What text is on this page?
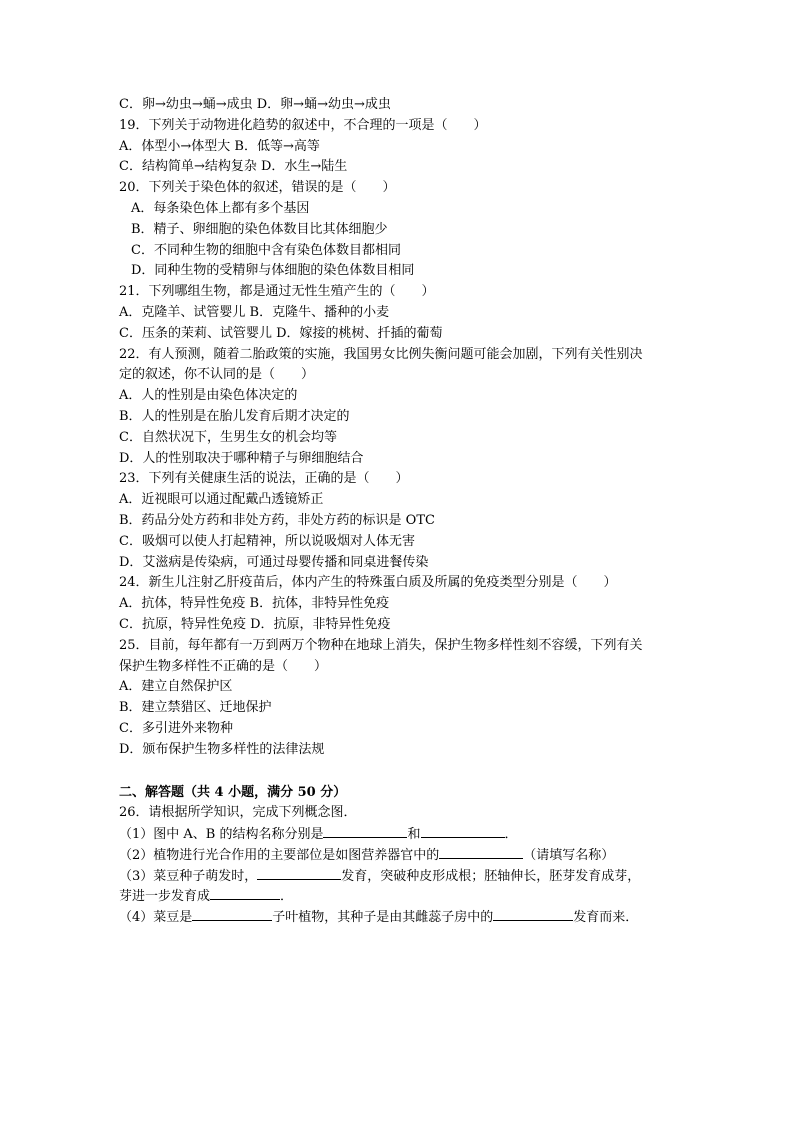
C．卵→幼虫→蛹→成虫 D．卵→蛹→幼虫→成虫
19．下列关于动物进化趋势的叙述中，不合理的一项是（　　）
A．体型小→体型大 B．低等→高等
C．结构简单→结构复杂 D．水生→陆生
20．下列关于染色体的叙述，错误的是（　　）
A．每条染色体上都有多个基因
B．精子、卵细胞的染色体数目比其体细胞少
C．不同种生物的细胞中含有染色体数目都相同
D．同种生物的受精卵与体细胞的染色体数目相同
21．下列哪组生物，都是通过无性生殖产生的（　　）
A．克隆羊、试管婴儿 B．克隆牛、播种的小麦
C．压条的茉莉、试管婴儿 D．嫁接的桃树、扦插的葡萄
22．有人预测，随着二胎政策的实施，我国男女比例失衡问题可能会加剧，下列有关性别决
定的叙述，你不认同的是（　　）
A．人的性别是由染色体决定的
B．人的性别是在胎儿发育后期才决定的
C．自然状况下，生男生女的机会均等
D．人的性别取决于哪种精子与卵细胞结合
23．下列有关健康生活的说法，正确的是（　　）
A．近视眼可以通过配戴凸透镜矫正
B．药品分处方药和非处方药，非处方药的标识是 OTC
C．吸烟可以使人打起精神，所以说吸烟对人体无害
D．艾滋病是传染病，可通过母婴传播和同桌进餐传染
24．新生儿注射乙肝疫苗后，体内产生的特殊蛋白质及所属的免疫类型分别是（　　）
A．抗体，特异性免疫 B．抗体，非特异性免疫
C．抗原，特异性免疫 D．抗原，非特异性免疫
25．目前，每年都有一万到两万个物种在地球上消失，保护生物多样性刻不容缓，下列有关
保护生物多样性不正确的是（　　）
A．建立自然保护区
B．建立禁猎区、迁地保护
C．多引进外来物种
D．颁布保护生物多样性的法律法规
二、解答题（共 4 小题，满分 50 分）
26．请根据所学知识，完成下列概念图．
（1）图中 A、B 的结构名称分别是	和	．
（2）植物进行光合作用的主要部位是如图营养器官中的	（请填写名称）
（3）菜豆种子萌发时，	发育，突破种皮形成根；胚轴伸长，胚芽发育成芽，
芽进一步发育成	．
（4）菜豆是	子叶植物，其种子是由其雌蕊子房中的	发育而来．
